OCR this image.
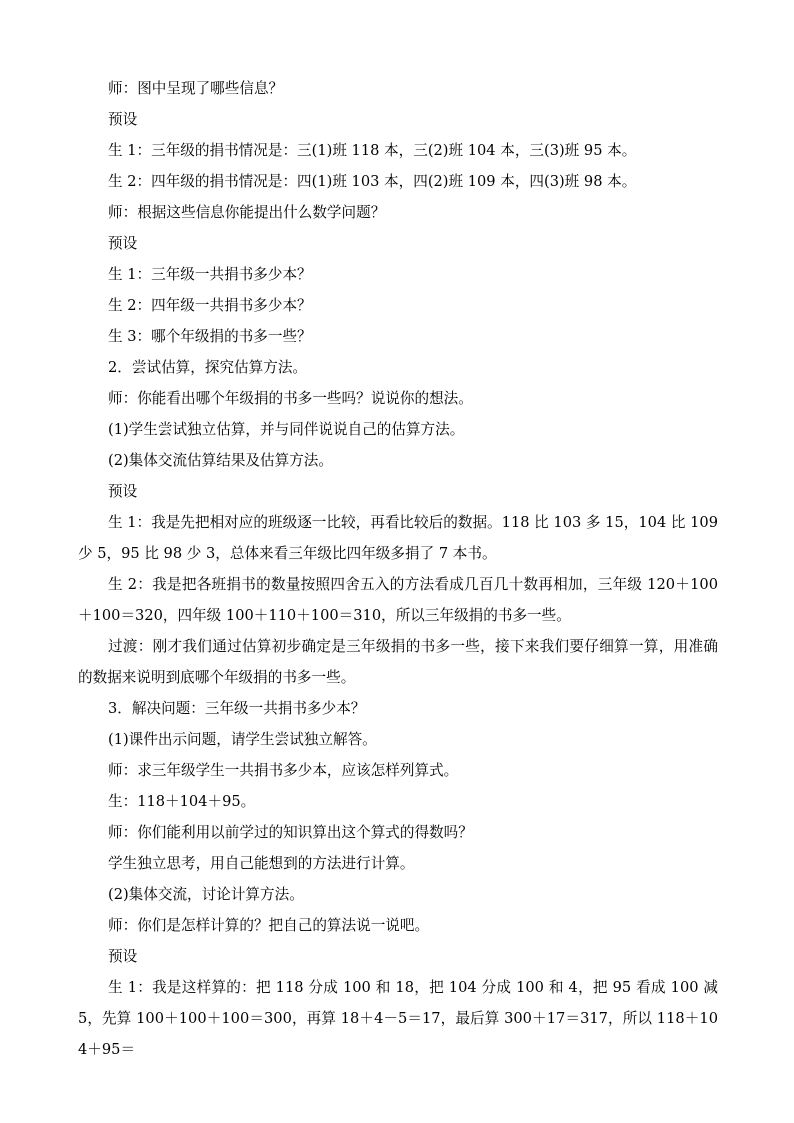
师：图中呈现了哪些信息？

预设

生 1：三年级的捐书情况是：三(1)班 118 本，三(2)班 104 本，三(3)班 95 本。

生 2：四年级的捐书情况是：四(1)班 103 本，四(2)班 109 本，四(3)班 98 本。

师：根据这些信息你能提出什么数学问题？

预设

生 1：三年级一共捐书多少本？

生 2：四年级一共捐书多少本？

生 3：哪个年级捐的书多一些？

2．尝试估算，探究估算方法。

师：你能看出哪个年级捐的书多一些吗？说说你的想法。

(1)学生尝试独立估算，并与同伴说说自己的估算方法。

(2)集体交流估算结果及估算方法。

预设

生 1：我是先把相对应的班级逐一比较，再看比较后的数据。118 比 103 多 15，104 比 109 少 5，95 比 98 少 3，总体来看三年级比四年级多捐了 7 本书。

生 2：我是把各班捐书的数量按照四舍五入的方法看成几百几十数再相加，三年级 120＋100＋100＝320，四年级 100＋110＋100＝310，所以三年级捐的书多一些。

过渡：刚才我们通过估算初步确定是三年级捐的书多一些，接下来我们要仔细算一算，用准确的数据来说明到底哪个年级捐的书多一些。

3．解决问题：三年级一共捐书多少本？

(1)课件出示问题，请学生尝试独立解答。

师：求三年级学生一共捐书多少本，应该怎样列算式。

生：118＋104＋95。

师：你们能利用以前学过的知识算出这个算式的得数吗？

学生独立思考，用自己能想到的方法进行计算。

(2)集体交流，讨论计算方法。

师：你们是怎样计算的？把自己的算法说一说吧。

预设

生 1：我是这样算的：把 118 分成 100 和 18，把 104 分成 100 和 4，把 95 看成 100 减 5，先算 100＋100＋100＝300，再算 18＋4－5＝17，最后算 300＋17＝317，所以 118＋104＋95＝
